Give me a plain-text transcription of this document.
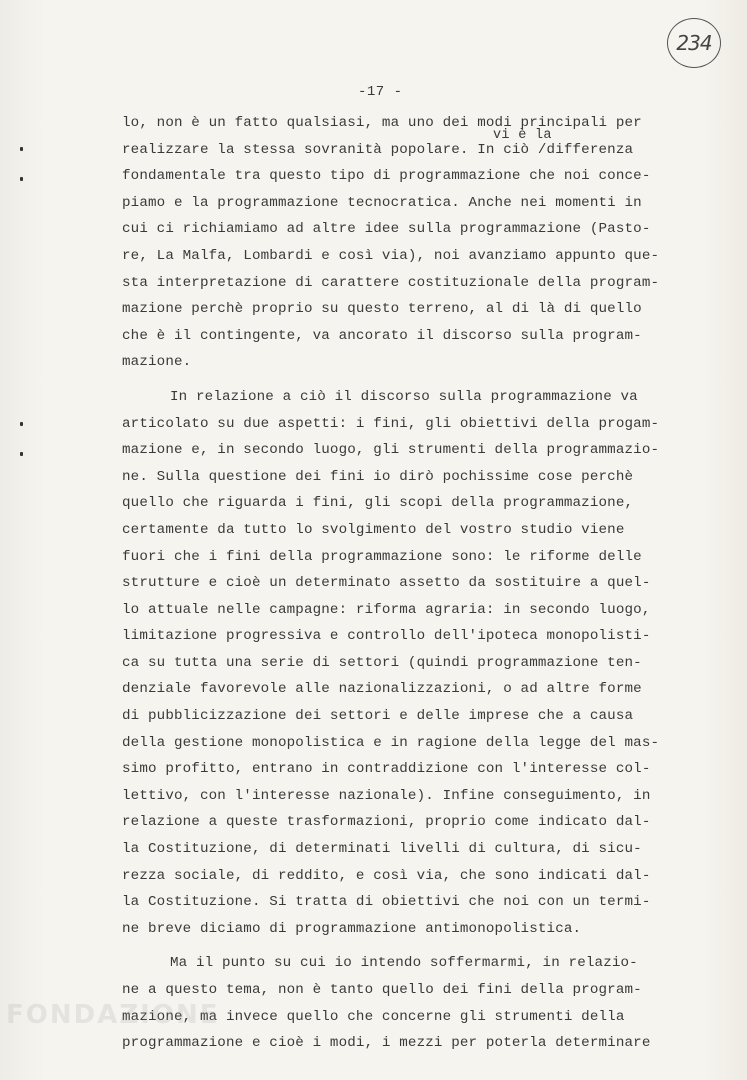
234
-17 -
vi è la
lo, non è un fatto qualsiasi, ma uno dei modi principali per
realizzare la stessa sovranità popolare. In ciò /differenza
fondamentale tra questo tipo di programmazione che noi conce-
piamo e la programmazione tecnocratica. Anche nei momenti in
cui ci richiamiamo ad altre idee sulla programmazione (Pasto-
re, La Malfa, Lombardi e così via), noi avanziamo appunto que-
sta interpretazione di carattere costituzionale della program-
mazione perchè proprio su questo terreno, al di là di quello
che è il contingente, va ancorato il discorso sulla program-
mazione.
In relazione a ciò il discorso sulla programmazione va
articolato su due aspetti: i fini, gli obiettivi della progam-
mazione e, in secondo luogo, gli strumenti della programmazio-
ne. Sulla questione dei fini io dirò pochissime cose perchè
quello che riguarda i fini, gli scopi della programmazione,
certamente da tutto lo svolgimento del vostro studio viene
fuori che i fini della programmazione sono: le riforme delle
strutture e cioè un determinato assetto da sostituire a quel-
lo attuale nelle campagne: riforma agraria: in secondo luogo,
limitazione progressiva e controllo dell'ipoteca monopolisti-
ca su tutta una serie di settori (quindi programmazione ten-
denziale favorevole alle nazionalizzazioni, o ad altre forme
di pubblicizzazione dei settori e delle imprese che a causa
della gestione monopolistica e in ragione della legge del mas-
simo profitto, entrano in contraddizione con l'interesse col-
lettivo, con l'interesse nazionale). Infine conseguimento, in
relazione a queste trasformazioni, proprio come indicato dal-
la Costituzione, di determinati livelli di cultura, di sicu-
rezza sociale, di reddito, e così via, che sono indicati dal-
la Costituzione. Si tratta di obiettivi che noi con un termi-
ne breve diciamo di programmazione antimonopolistica.
Ma il punto su cui io intendo soffermarmi, in relazio-
ne a questo tema, non è tanto quello dei fini della program-
mazione, ma invece quello che concerne gli strumenti della
programmazione e cioè i modi, i mezzi per poterla determinare
FONDAZIONE
